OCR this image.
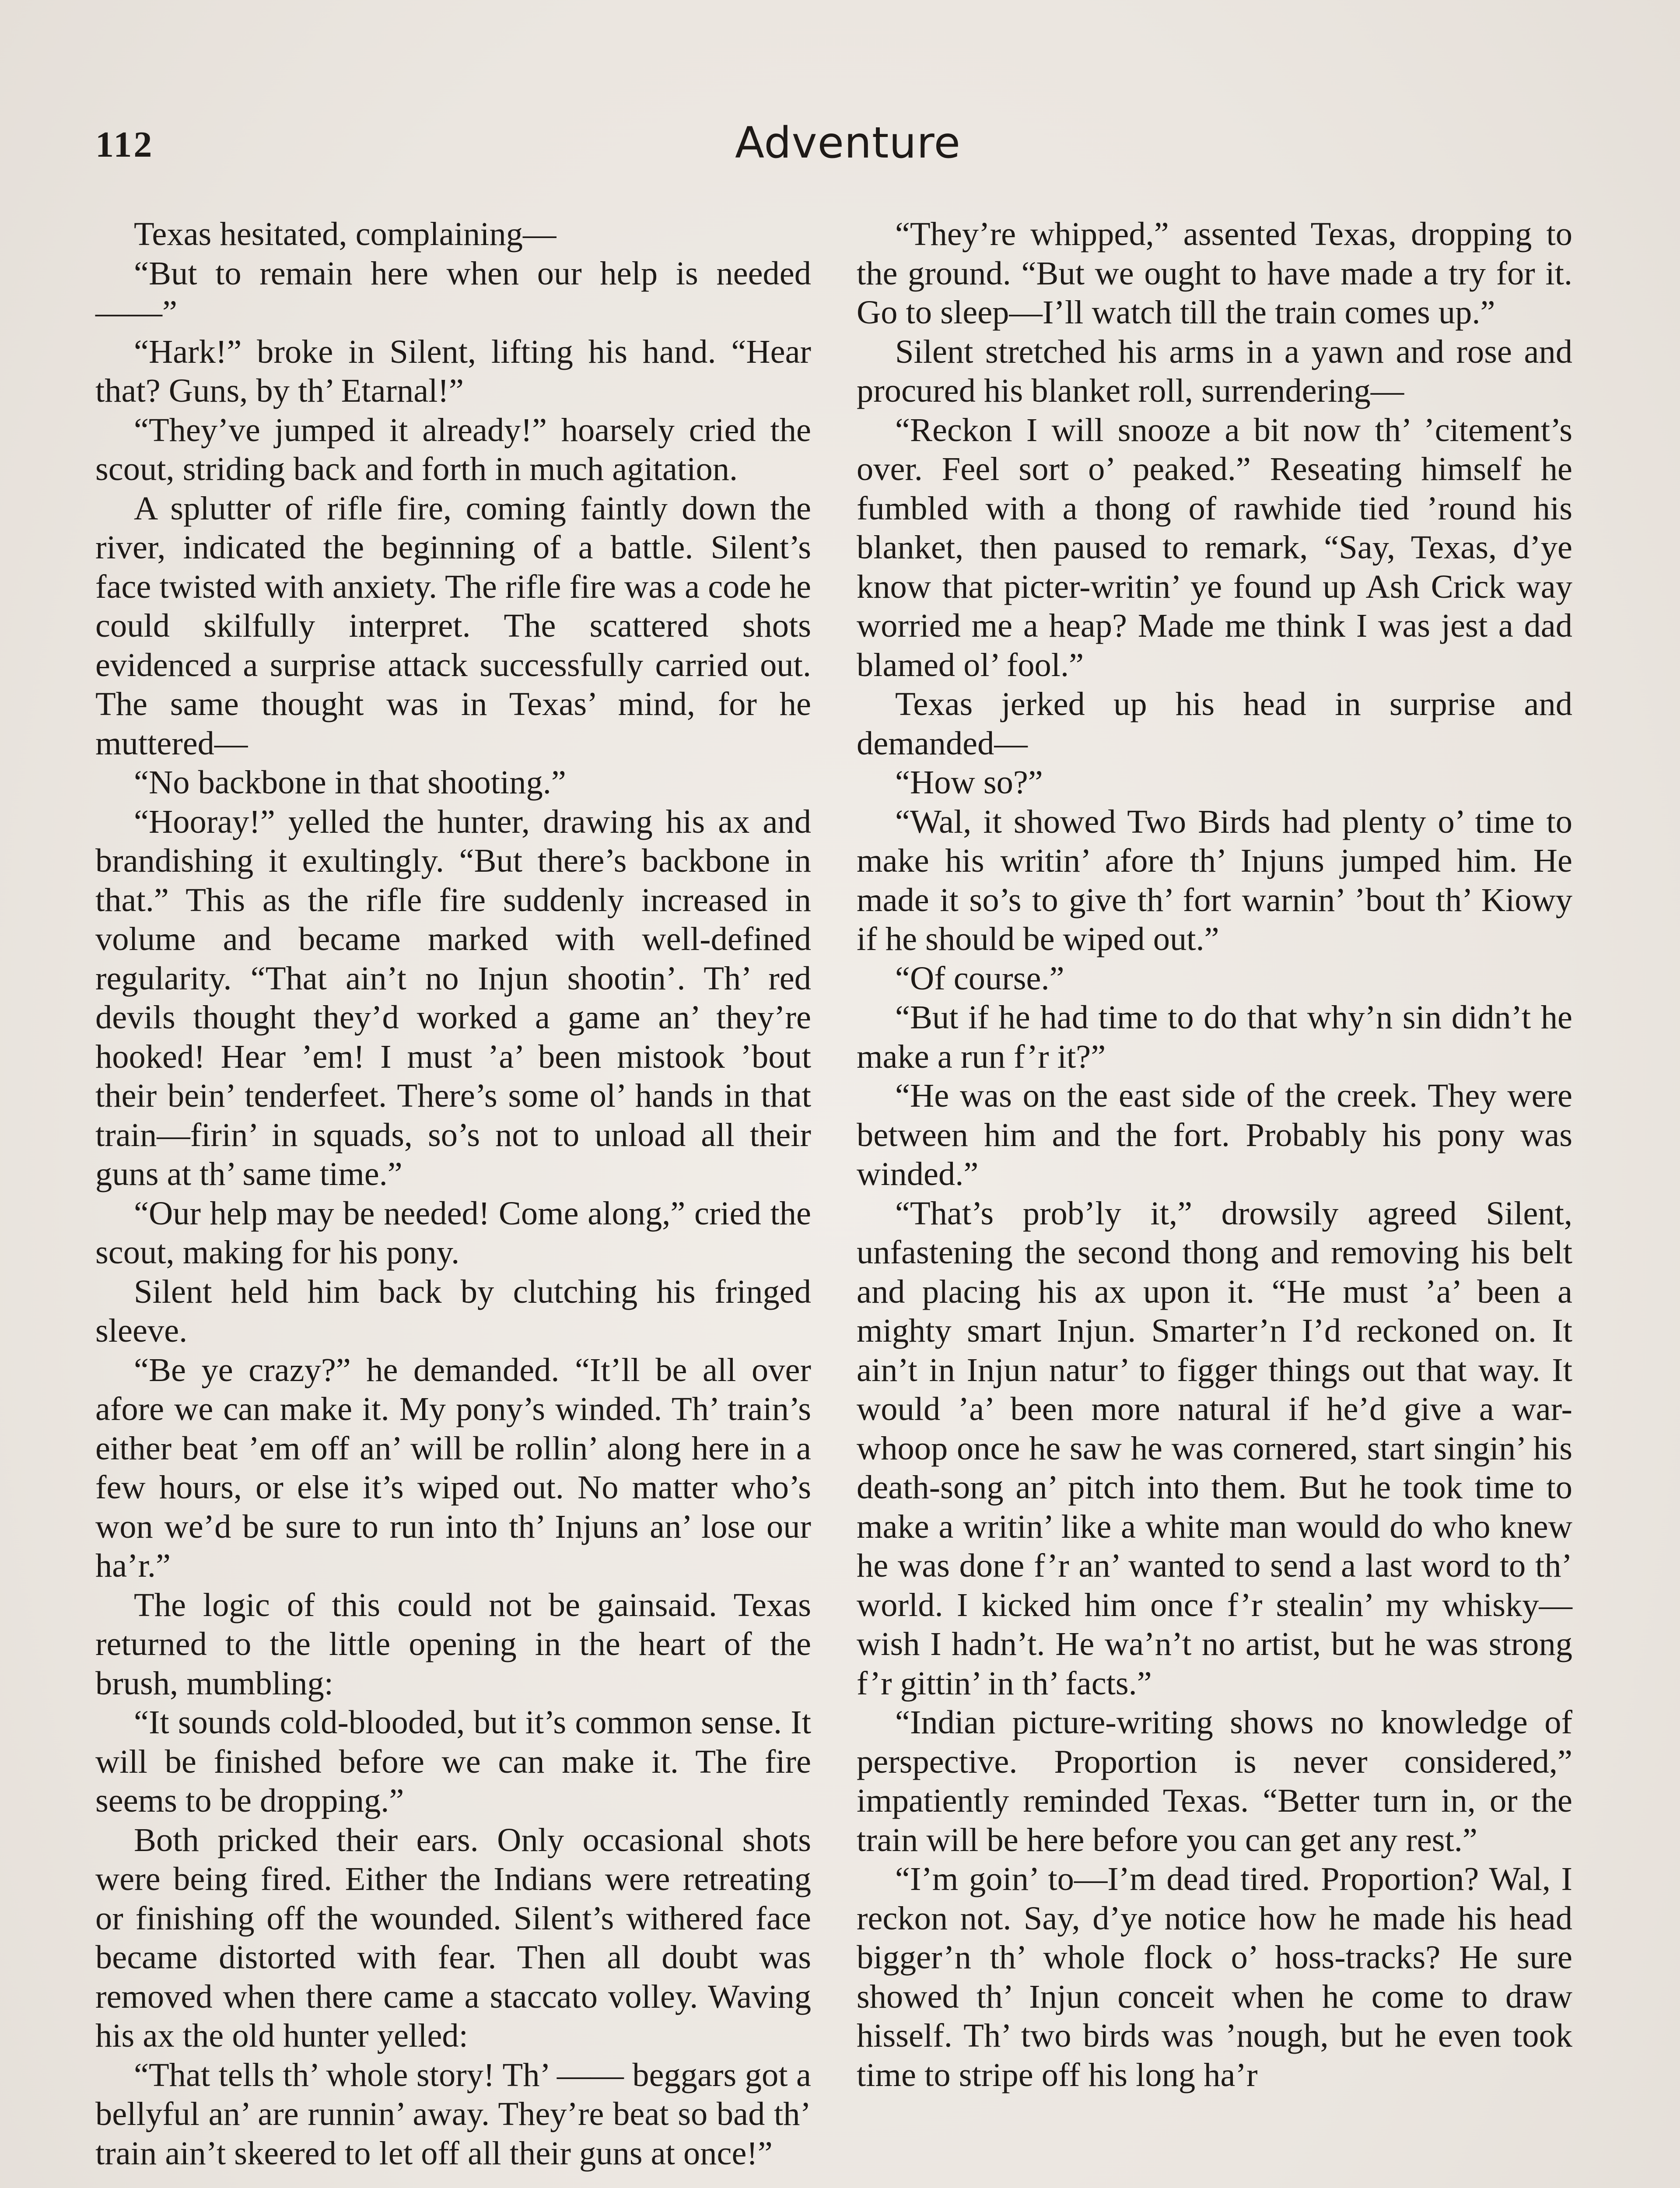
112	Adventure

Texas hesitated, complaining—

“But to remain here when our help is needed——”

“Hark!” broke in Silent, lifting his hand. “Hear that? Guns, by th’ Etarnal!”

“They’ve jumped it already!” hoarsely cried the scout, striding back and forth in much agitation.

A splutter of rifle fire, coming faintly down the river, indicated the beginning of a battle. Silent’s face twisted with anxiety. The rifle fire was a code he could skilfully interpret. The scattered shots evidenced a surprise attack successfully carried out. The same thought was in Texas’ mind, for he muttered—

“No backbone in that shooting.”

“Hooray!” yelled the hunter, drawing his ax and brandishing it exultingly. “But there’s backbone in that.” This as the rifle fire suddenly increased in volume and became marked with well-defined regularity. “That ain’t no Injun shootin’. Th’ red devils thought they’d worked a game an’ they’re hooked! Hear ’em! I must ’a’ been mistook ’bout their bein’ tenderfeet. There’s some ol’ hands in that train—firin’ in squads, so’s not to unload all their guns at th’ same time.”

“Our help may be needed! Come along,” cried the scout, making for his pony.

Silent held him back by clutching his fringed sleeve.

“Be ye crazy?” he demanded. “It’ll be all over afore we can make it. My pony’s winded. Th’ train’s either beat ’em off an’ will be rollin’ along here in a few hours, or else it’s wiped out. No matter who’s won we’d be sure to run into th’ Injuns an’ lose our ha’r.”

The logic of this could not be gainsaid. Texas returned to the little opening in the heart of the brush, mumbling:

“It sounds cold-blooded, but it’s common sense. It will be finished before we can make it. The fire seems to be dropping.”

Both pricked their ears. Only occasional shots were being fired. Either the Indians were retreating or finishing off the wounded. Silent’s withered face became distorted with fear. Then all doubt was removed when there came a staccato volley. Waving his ax the old hunter yelled:

“That tells th’ whole story! Th’ —— beggars got a bellyful an’ are runnin’ away. They’re beat so bad th’ train ain’t skeered to let off all their guns at once!”

“They’re whipped,” assented Texas, dropping to the ground. “But we ought to have made a try for it. Go to sleep—I’ll watch till the train comes up.”

Silent stretched his arms in a yawn and rose and procured his blanket roll, surrendering—

“Reckon I will snooze a bit now th’ ’citement’s over. Feel sort o’ peaked.” Reseating himself he fumbled with a thong of rawhide tied ’round his blanket, then paused to remark, “Say, Texas, d’ye know that picter-writin’ ye found up Ash Crick way worried me a heap? Made me think I was jest a dad blamed ol’ fool.”

Texas jerked up his head in surprise and demanded—

“How so?”

“Wal, it showed Two Birds had plenty o’ time to make his writin’ afore th’ Injuns jumped him. He made it so’s to give th’ fort warnin’ ’bout th’ Kiowy if he should be wiped out.”

“Of course.”

“But if he had time to do that why’n sin didn’t he make a run f’r it?”

“He was on the east side of the creek. They were between him and the fort. Probably his pony was winded.”

“That’s prob’ly it,” drowsily agreed Silent, unfastening the second thong and removing his belt and placing his ax upon it. “He must ’a’ been a mighty smart Injun. Smarter’n I’d reckoned on. It ain’t in Injun natur’ to figger things out that way. It would ’a’ been more natural if he’d give a war-whoop once he saw he was cornered, start singin’ his death-song an’ pitch into them. But he took time to make a writin’ like a white man would do who knew he was done f’r an’ wanted to send a last word to th’ world. I kicked him once f’r stealin’ my whisky—wish I hadn’t. He wa’n’t no artist, but he was strong f’r gittin’ in th’ facts.”

“Indian picture-writing shows no knowledge of perspective. Proportion is never considered,” impatiently reminded Texas. “Better turn in, or the train will be here before you can get any rest.”

“I’m goin’ to—I’m dead tired. Proportion? Wal, I reckon not. Say, d’ye notice how he made his head bigger’n th’ whole flock o’ hoss-tracks? He sure showed th’ Injun conceit when he come to draw hisself. Th’ two birds was ’nough, but he even took time to stripe off his long ha’r
